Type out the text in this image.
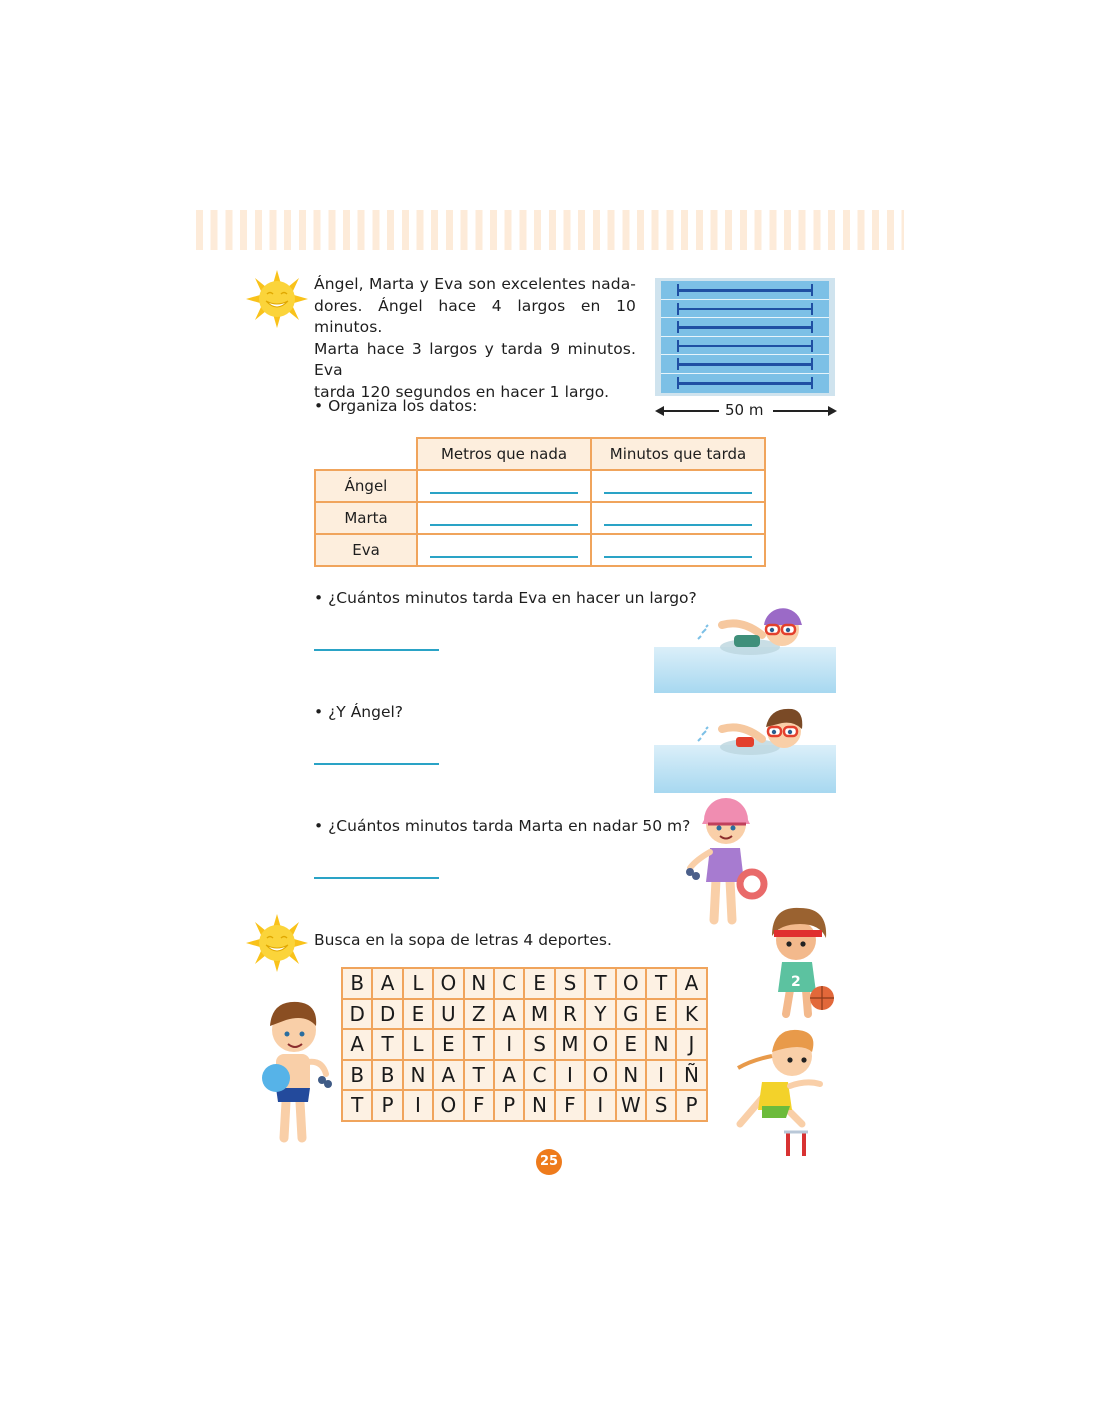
Ángel, Marta y Eva son excelentes nada-
dores. Ángel hace 4 largos en 10 minutos.
Marta hace 3 largos y tarda 9 minutos. Eva
tarda 120 segundos en hacer 1 largo.
50 m
• Organiza los datos:
	Metros que nada	Minutos que tarda
Ángel	

Marta	

Eva	

• ¿Cuántos minutos tarda Eva en hacer un largo?
• ¿Y Ángel?
• ¿Cuántos minutos tarda Marta en nadar 50 m?
Busca en la sopa de letras 4 deportes.
B	A	L	O	N	C	E	S	T	O	T	A
D	D	E	U	Z	A	M	R	Y	G	E	K
A	T	L	E	T	I	S	M	O	E	N	J
B	B	N	A	T	A	C	I	O	N	I	Ñ
T	P	I	O	F	P	N	F	I	W	S	P
2
25
